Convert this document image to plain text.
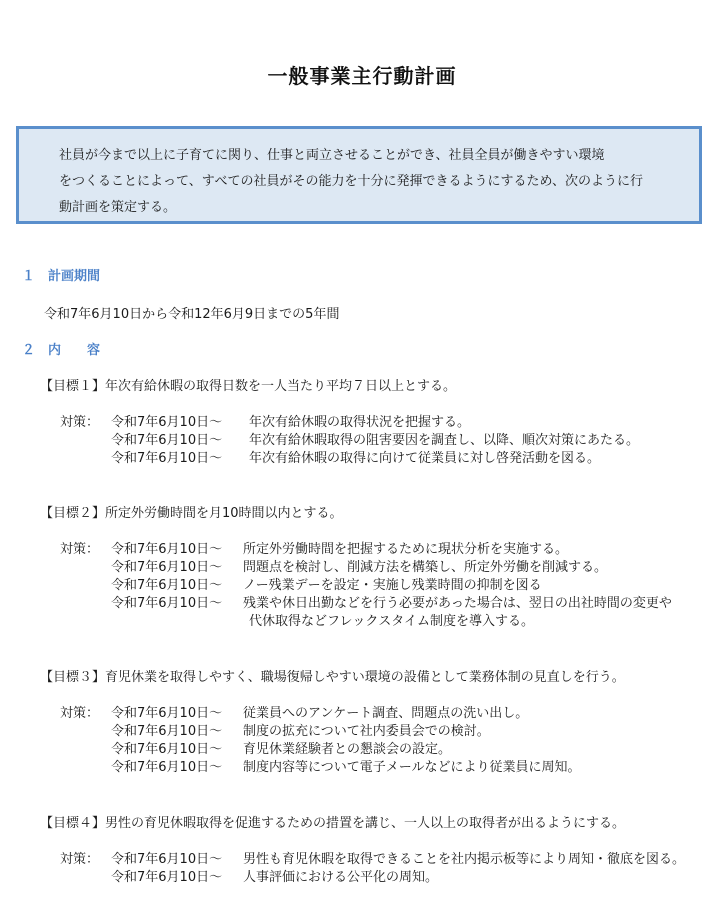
一般事業主行動計画
社員が今まで以上に子育てに関り、仕事と両立させることができ、社員全員が働きやすい環境
をつくることによって、すべての社員がその能力を十分に発揮できるようにするため、次のように行
動計画を策定する。
１　計画期間
令和7年6月10日から令和12年6月9日までの5年間
２　内　　容
【目標１】年次有給休暇の取得日数を一人当たり平均７日以上とする。
対策： 令和7年6月10日～ 年次有給休暇の取得状況を把握する。
令和7年6月10日～ 年次有給休暇取得の阻害要因を調査し、以降、順次対策にあたる。
令和7年6月10日～ 年次有給休暇の取得に向けて従業員に対し啓発活動を図る。
【目標２】所定外労働時間を月10時間以内とする。
対策： 令和7年6月10日～ 所定外労働時間を把握するために現状分析を実施する。
令和7年6月10日～ 問題点を検討し、削減方法を構築し、所定外労働を削減する。
令和7年6月10日～ ノー残業デーを設定・実施し残業時間の抑制を図る
令和7年6月10日～ 残業や休日出勤などを行う必要があった場合は、翌日の出社時間の変更や
代休取得などフレックスタイム制度を導入する。
【目標３】育児休業を取得しやすく、職場復帰しやすい環境の設備として業務体制の見直しを行う。
対策： 令和7年6月10日～ 従業員へのアンケート調査、問題点の洗い出し。
令和7年6月10日～ 制度の拡充について社内委員会での検討。
令和7年6月10日～ 育児休業経験者との懇談会の設定。
令和7年6月10日～ 制度内容等について電子メールなどにより従業員に周知。
【目標４】男性の育児休暇取得を促進するための措置を講じ、一人以上の取得者が出るようにする。
対策： 令和7年6月10日～ 男性も育児休暇を取得できることを社内掲示板等により周知・徹底を図る。
令和7年6月10日～ 人事評価における公平化の周知。
